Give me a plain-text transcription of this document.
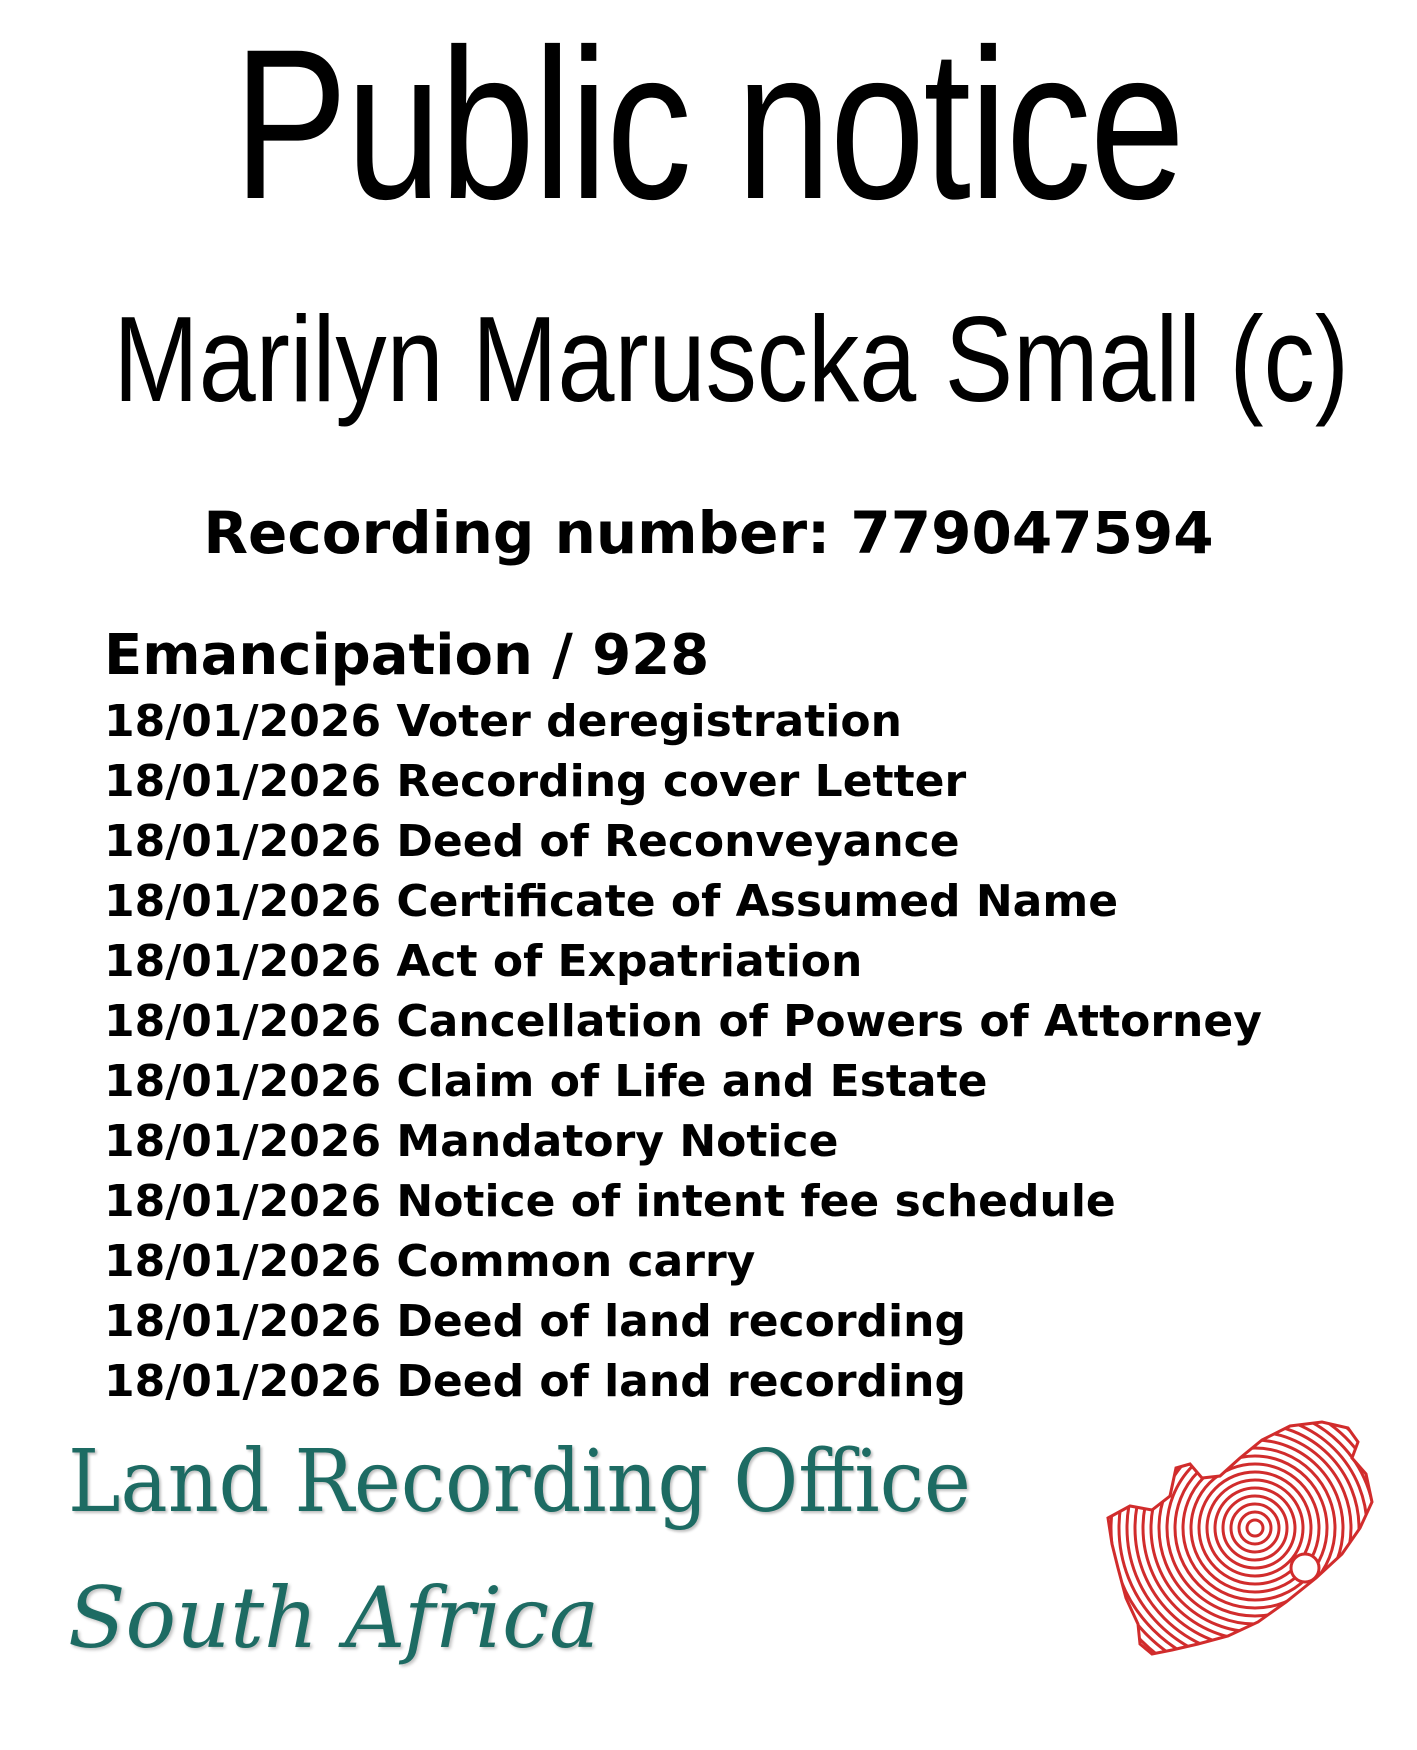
Public notice
Marilyn Maruscka Small (c)
Recording number: 779047594
Emancipation / 928
18/01/2026 Voter deregistration
18/01/2026 Recording cover Letter
18/01/2026 Deed of Reconveyance
18/01/2026 Certificate of Assumed Name
18/01/2026 Act of Expatriation
18/01/2026 Cancellation of Powers of Attorney
18/01/2026 Claim of Life and Estate
18/01/2026 Mandatory Notice
18/01/2026 Notice of intent fee schedule
18/01/2026 Common carry
18/01/2026 Deed of land recording
18/01/2026 Deed of land recording
Land Recording Office
South Africa
